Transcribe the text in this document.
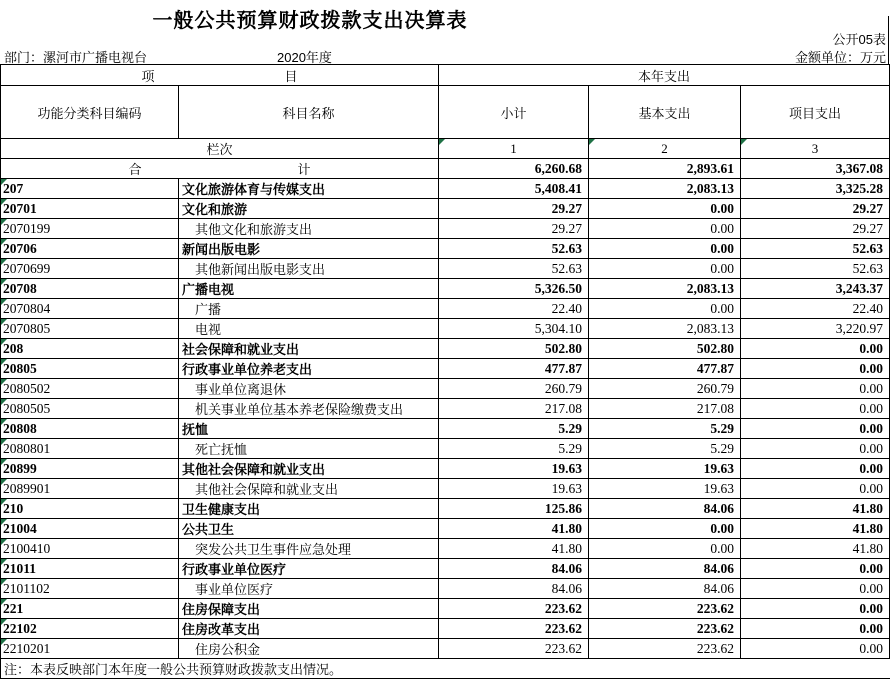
一般公共预算财政拨款支出决算表
公开05表
部门：漯河市广播电视台	2020年度	金额单位：万元
项　　　　　　　　　　目		本年支出		
功能分类科目编码	科目名称	小计	基本支出	项目支出
栏次		1	2	3
合　　　　　　　　　　　　计		6,260.68	2,893.61	3,367.08
207	文化旅游体育与传媒支出	5,408.41	2,083.13	3,325.28
20701	文化和旅游	29.27	0.00	29.27
2070199	其他文化和旅游支出	29.27	0.00	29.27
20706	新闻出版电影	52.63	0.00	52.63
2070699	其他新闻出版电影支出	52.63	0.00	52.63
20708	广播电视	5,326.50	2,083.13	3,243.37
2070804	广播	22.40	0.00	22.40
2070805	电视	5,304.10	2,083.13	3,220.97
208	社会保障和就业支出	502.80	502.80	0.00
20805	行政事业单位养老支出	477.87	477.87	0.00
2080502	事业单位离退休	260.79	260.79	0.00
2080505	机关事业单位基本养老保险缴费支出	217.08	217.08	0.00
20808	抚恤	5.29	5.29	0.00
2080801	死亡抚恤	5.29	5.29	0.00
20899	其他社会保障和就业支出	19.63	19.63	0.00
2089901	其他社会保障和就业支出	19.63	19.63	0.00
210	卫生健康支出	125.86	84.06	41.80
21004	公共卫生	41.80	0.00	41.80
2100410	突发公共卫生事件应急处理	41.80	0.00	41.80
21011	行政事业单位医疗	84.06	84.06	0.00
2101102	事业单位医疗	84.06	84.06	0.00
221	住房保障支出	223.62	223.62	0.00
22102	住房改革支出	223.62	223.62	0.00
2210201	住房公积金	223.62	223.62	0.00
注：本表反映部门本年度一般公共预算财政拨款支出情况。				
